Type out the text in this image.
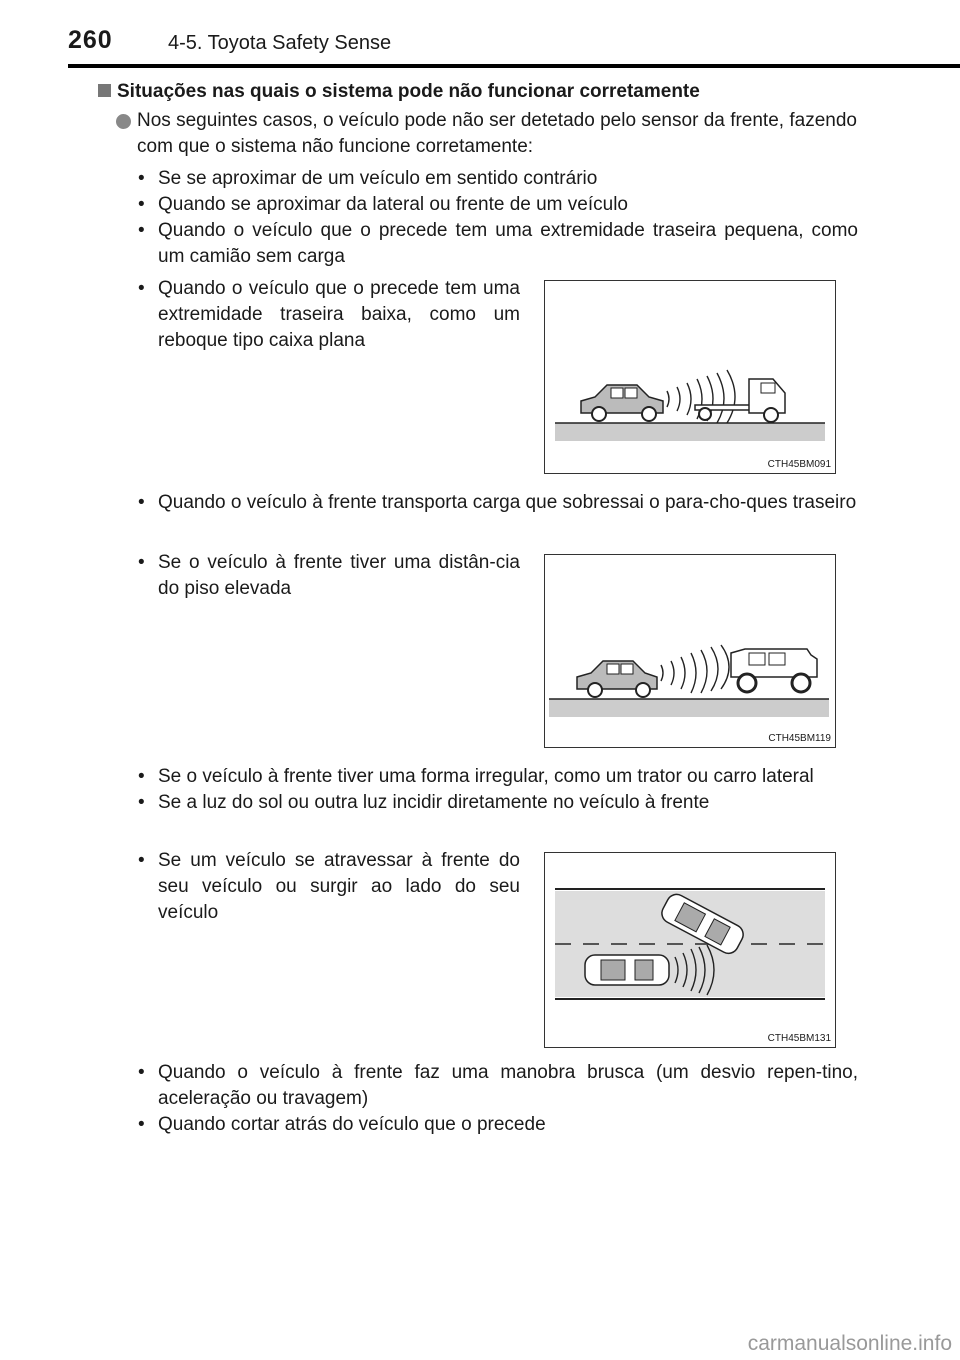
260	4-5. Toyota Safety Sense
Situações nas quais o sistema pode não funcionar corretamente
Nos seguintes casos, o veículo pode não ser detetado pelo sensor da frente, fazendo com que o sistema não funcione corretamente:
• Se se aproximar de um veículo em sentido contrário
• Quando se aproximar da lateral ou frente de um veículo
• Quando o veículo que o precede tem uma extremidade traseira pequena, como um camião sem carga
• Quando o veículo que o precede tem uma extremidade traseira baixa, como um reboque tipo caixa plana
CTH45BM091
• Quando o veículo à frente transporta carga que sobressai o para-cho-ques traseiro
• Se o veículo à frente tiver uma distân-cia do piso elevada
CTH45BM119
• Se o veículo à frente tiver uma forma irregular, como um trator ou carro lateral
• Se a luz do sol ou outra luz incidir diretamente no veículo à frente
• Se um veículo se atravessar à frente do seu veículo ou surgir ao lado do seu veículo
CTH45BM131
• Quando o veículo à frente faz uma manobra brusca (um desvio repen-tino, aceleração ou travagem)
• Quando cortar atrás do veículo que o precede
carmanualsonline.info
